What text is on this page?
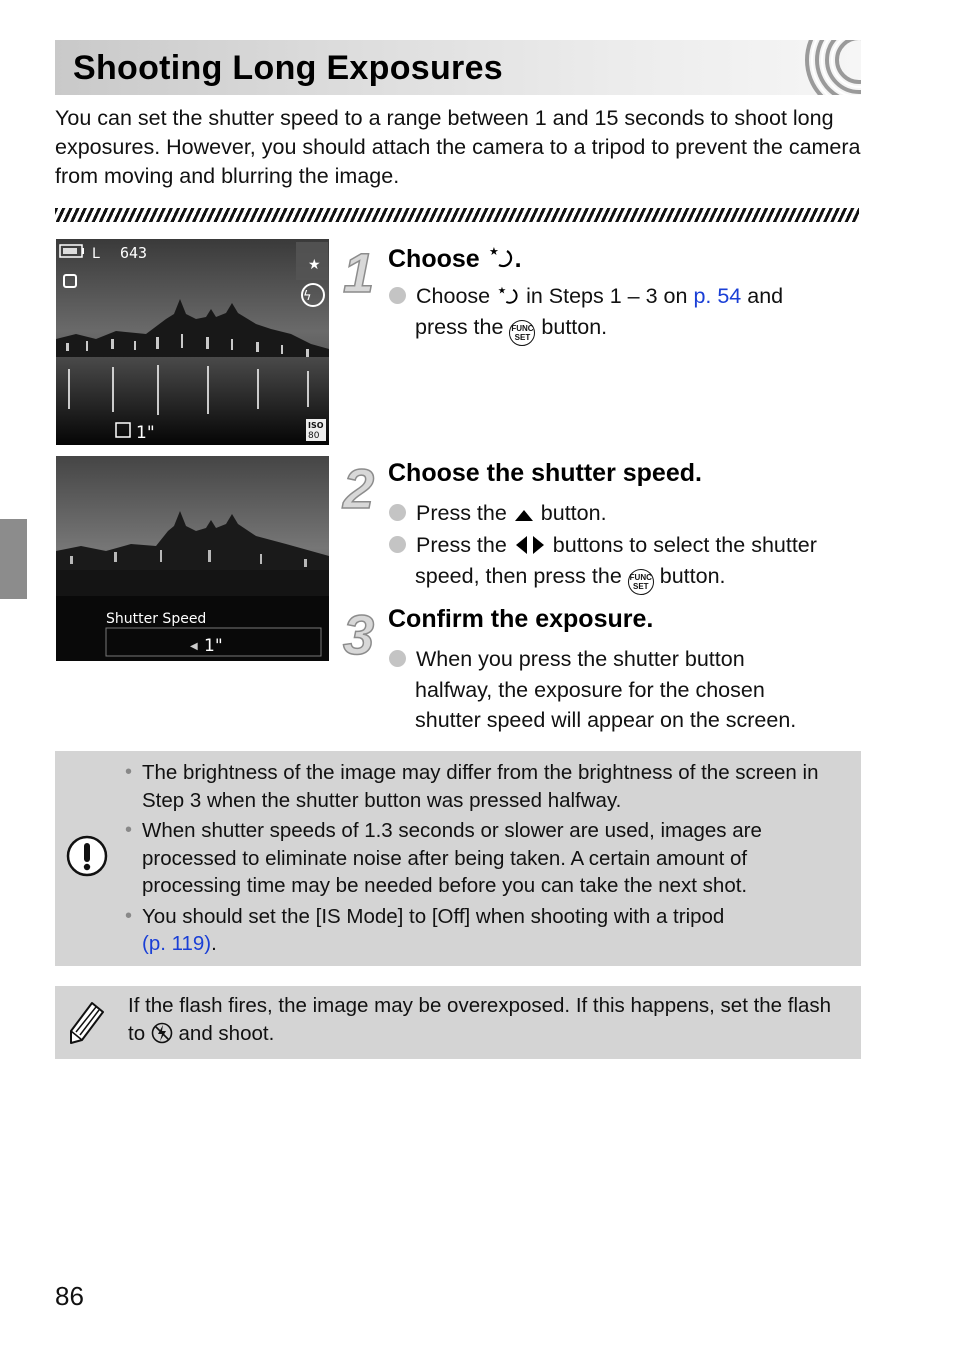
Shooting Long Exposures
You can set the shutter speed to a range between 1 and 15 seconds to shoot long exposures. However, you should attach the camera to a tripod to prevent the camera from moving and blurring the image.
★
ϟ
L 643
1"	ISO
80
Shutter Speed
◀ 1"
1 Choose ★ .
Choose ★ in Steps 1 – 3 on p. 54 and
press the FUNC
SET button.
2 Choose the shutter speed.
Press the button.
Press the buttons to select the shutter
speed, then press the FUNC
SET button.
3 Confirm the exposure.
When you press the shutter button
halfway, the exposure for the chosen
shutter speed will appear on the screen.
• The brightness of the image may differ from the brightness of the screen in Step 3 when the shutter button was pressed halfway.
• When shutter speeds of 1.3 seconds or slower are used, images are processed to eliminate noise after being taken. A certain amount of processing time may be needed before you can take the next shot.
• You should set the [IS Mode] to [Off] when shooting with a tripod
(p. 119).
If the flash fires, the image may be overexposed. If this happens, set the flash to and shoot.
86
